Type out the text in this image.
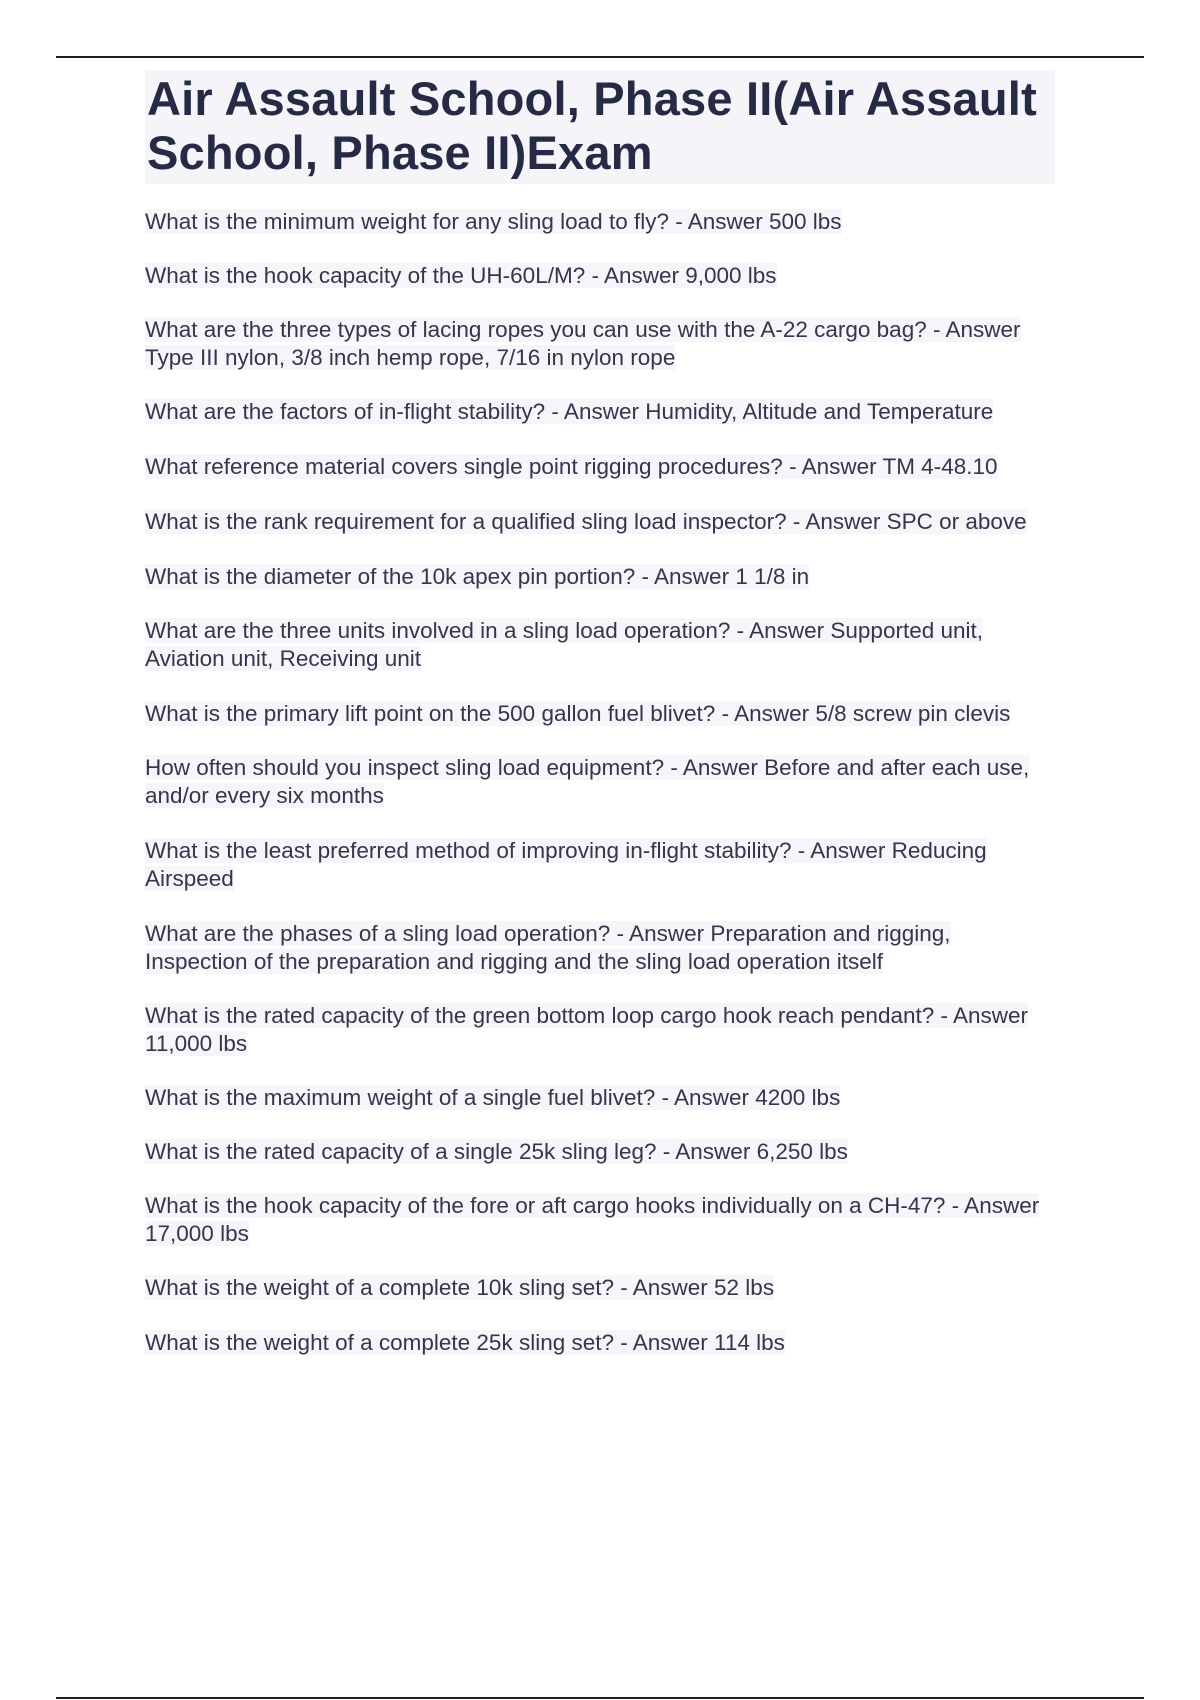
Air Assault School, Phase II(Air Assault School, Phase II)Exam
What is the minimum weight for any sling load to fly? - Answer 500 lbs
What is the hook capacity of the UH-60L/M? - Answer 9,000 lbs
What are the three types of lacing ropes you can use with the A-22 cargo bag? - Answer Type III nylon, 3/8 inch hemp rope, 7/16 in nylon rope
What are the factors of in-flight stability? - Answer Humidity, Altitude and Temperature
What reference material covers single point rigging procedures? - Answer TM 4-48.10
What is the rank requirement for a qualified sling load inspector? - Answer SPC or above
What is the diameter of the 10k apex pin portion? - Answer 1 1/8 in
What are the three units involved in a sling load operation? - Answer Supported unit, Aviation unit, Receiving unit
What is the primary lift point on the 500 gallon fuel blivet? - Answer 5/8 screw pin clevis
How often should you inspect sling load equipment? - Answer Before and after each use, and/or every six months
What is the least preferred method of improving in-flight stability? - Answer Reducing Airspeed
What are the phases of a sling load operation? - Answer Preparation and rigging, Inspection of the preparation and rigging and the sling load operation itself
What is the rated capacity of the green bottom loop cargo hook reach pendant? - Answer 11,000 lbs
What is the maximum weight of a single fuel blivet? - Answer 4200 lbs
What is the rated capacity of a single 25k sling leg? - Answer 6,250 lbs
What is the hook capacity of the fore or aft cargo hooks individually on a CH-47? - Answer 17,000 lbs
What is the weight of a complete 10k sling set? - Answer 52 lbs
What is the weight of a complete 25k sling set? - Answer 114 lbs
